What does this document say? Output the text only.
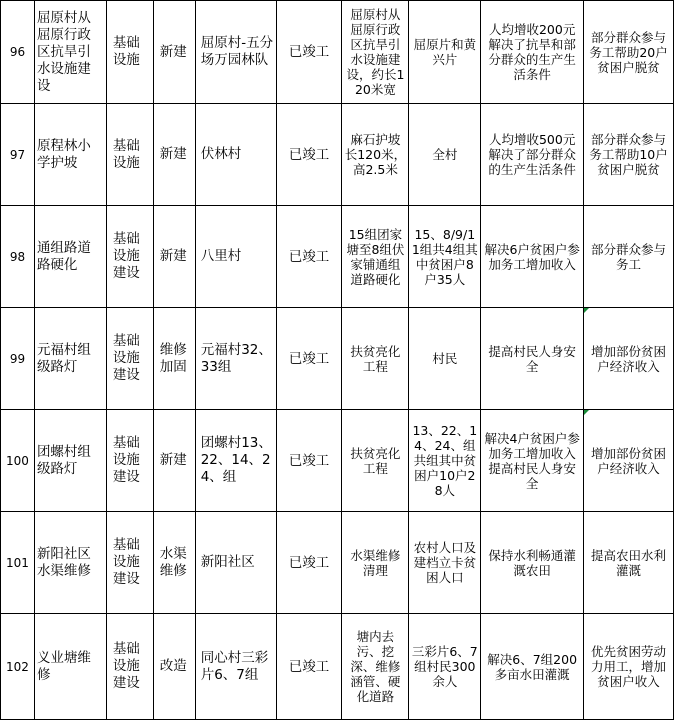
96	屈原村从屈原行政区抗旱引水设施建设	基础设施	新建	屈原村-五分场万园林队	已竣工	屈原村从屈原行政区抗旱引水设施建设，约长120米宽	屈原片和黄兴片	人均增收200元解决了抗旱和部分群众的生产生活条件	部分群众参与务工帮助20户贫困户脱贫
97	原程林小学护坡	基础设施	新建	伏林村	已竣工	麻石护坡长120米，高2.5米	全村	人均增收500元解决了部分群众的生产生活条件	部分群众参与务工帮助10户贫困户脱贫
98	通组路道路硬化	基础设施建设	新建	八里村	已竣工	15组团家塘至8组伏家铺通组道路硬化	15、8/9/11组共4组其中贫困户8户35人	解决6户贫困户参加务工增加收入	部分群众参与务工
99	元福村组级路灯	基础设施建设	维修加固	元福村32、33组	已竣工	扶贫亮化工程	村民	提高村民人身安全	增加部份贫困户经济收入
100	团螺村组级路灯	基础设施建设	新建	团螺村13、22、14、24、组	已竣工	扶贫亮化工程	13、22、14、24、组共组其中贫困户10户28人	解决4户贫困户参加务工增加收入提高村民人身安全	增加部份贫困户经济收入
101	新阳社区水渠维修	基础设施建设	水渠维修	新阳社区	已竣工	水渠维修清理	农村人口及建档立卡贫困人口	保持水利畅通灌溉农田	提高农田水利灌溉
102	义业塘维修	基础设施建设	改造	同心村三彩片6、7组	已竣工	塘内去污、挖深、维修涵管、硬化道路	三彩片6、7组村民300余人	解决6、7组200多亩水田灌溉	优先贫困劳动力用工，增加贫困户收入
